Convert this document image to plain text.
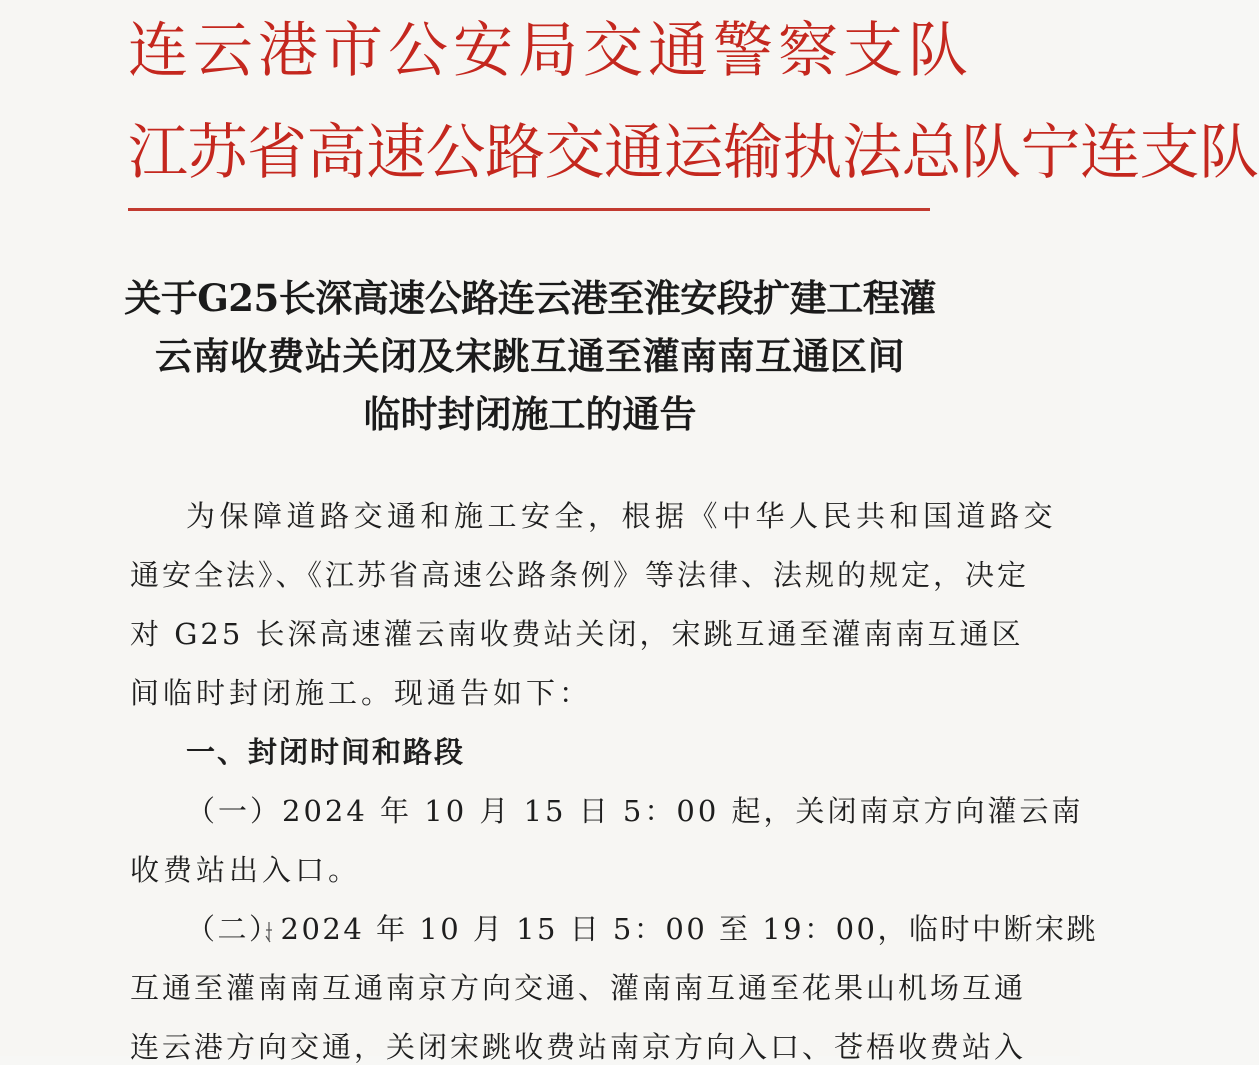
连云港市公安局交通警察支队
江苏省高速公路交通运输执法总队宁连支队
关于G25长深高速公路连云港至淮安段扩建工程灌
云南收费站关闭及宋跳互通至灌南南互通区间
临时封闭施工的通告
为保障道路交通和施工安全，根据《中华人民共和国道路交
通安全法》、《江苏省高速公路条例》等法律、法规的规定，决定
对 G25 长深高速灌云南收费站关闭，宋跳互通至灌南南互通区
间临时封闭施工。现通告如下：
一、封闭时间和路段
（一）2024 年 10 月 15 日 5：00 起，关闭南京方向灌云南
收费站出入口。
（二）2024 年 10 月 15 日 5：00 至 19：00，临时中断宋跳
互通至灌南南互通南京方向交通、灌南南互通至花果山机场互通
连云港方向交通，关闭宋跳收费站南京方向入口、苍梧收费站入
